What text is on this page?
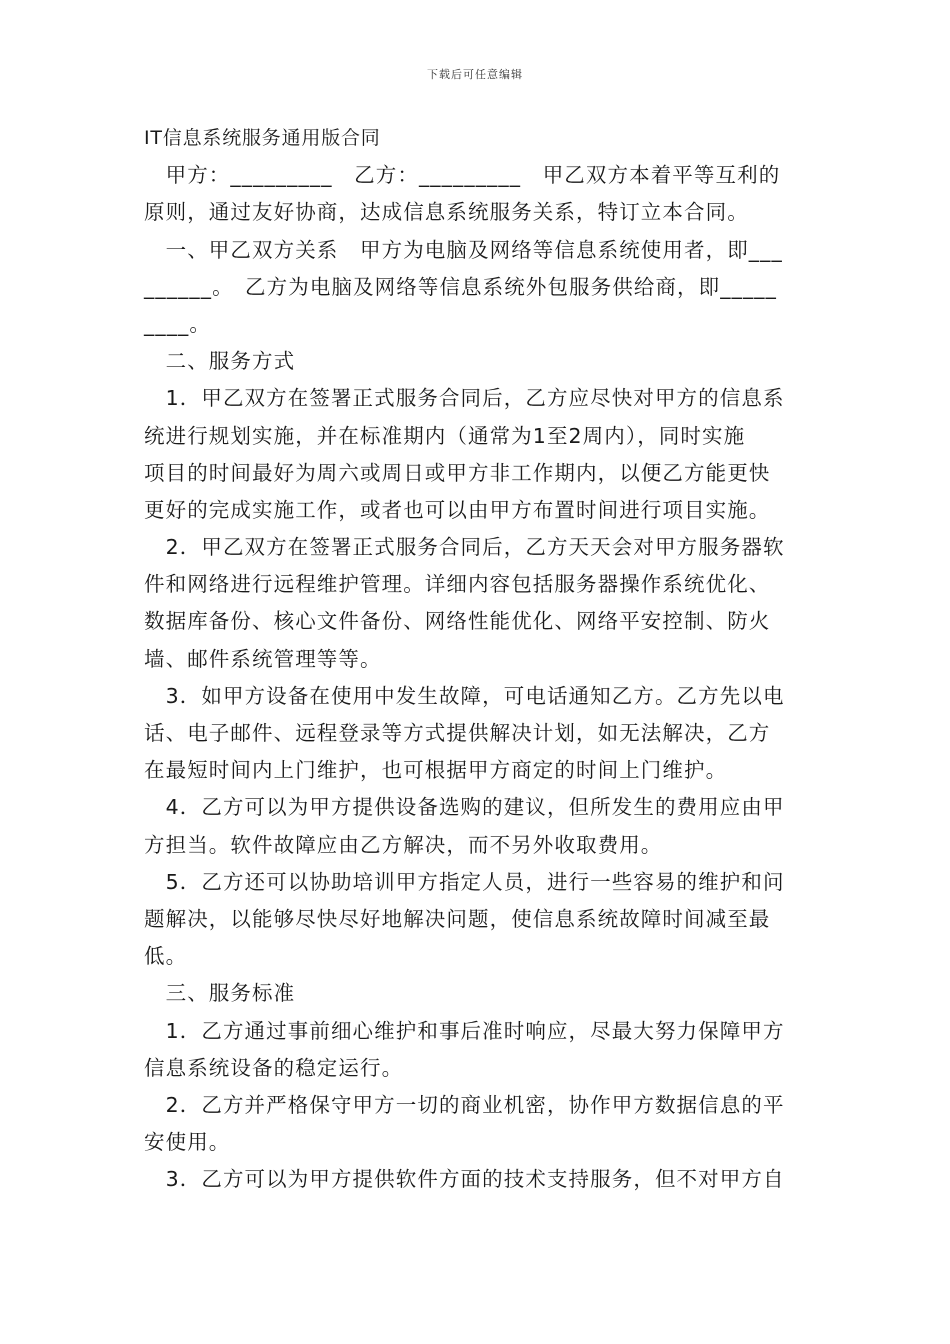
下载后可任意编辑
IT信息系统服务通用版合同
　甲方：_________　乙方：_________　甲乙双方本着平等互利的
原则，通过友好协商，达成信息系统服务关系，特订立本合同。
　一、甲乙双方关系　甲方为电脑及网络等信息系统使用者，即___
______。　乙方为电脑及网络等信息系统外包服务供给商，即_____
____。
　二、服务方式
　1．甲乙双方在签署正式服务合同后，乙方应尽快对甲方的信息系
统进行规划实施，并在标准期内（通常为1至2周内），同时实施
项目的时间最好为周六或周日或甲方非工作期内，以便乙方能更快
更好的完成实施工作，或者也可以由甲方布置时间进行项目实施。
　2．甲乙双方在签署正式服务合同后，乙方天天会对甲方服务器软
件和网络进行远程维护管理。详细内容包括服务器操作系统优化、
数据库备份、核心文件备份、网络性能优化、网络平安控制、防火
墙、邮件系统管理等等。
　3．如甲方设备在使用中发生故障，可电话通知乙方。乙方先以电
话、电子邮件、远程登录等方式提供解决计划，如无法解决，乙方
在最短时间内上门维护，也可根据甲方商定的时间上门维护。
　4．乙方可以为甲方提供设备选购的建议，但所发生的费用应由甲
方担当。软件故障应由乙方解决，而不另外收取费用。
　5．乙方还可以协助培训甲方指定人员，进行一些容易的维护和问
题解决，以能够尽快尽好地解决问题，使信息系统故障时间减至最
低。
　三、服务标准
　1．乙方通过事前细心维护和事后准时响应，尽最大努力保障甲方
信息系统设备的稳定运行。
　2．乙方并严格保守甲方一切的商业机密，协作甲方数据信息的平
安使用。
　3．乙方可以为甲方提供软件方面的技术支持服务，但不对甲方自
